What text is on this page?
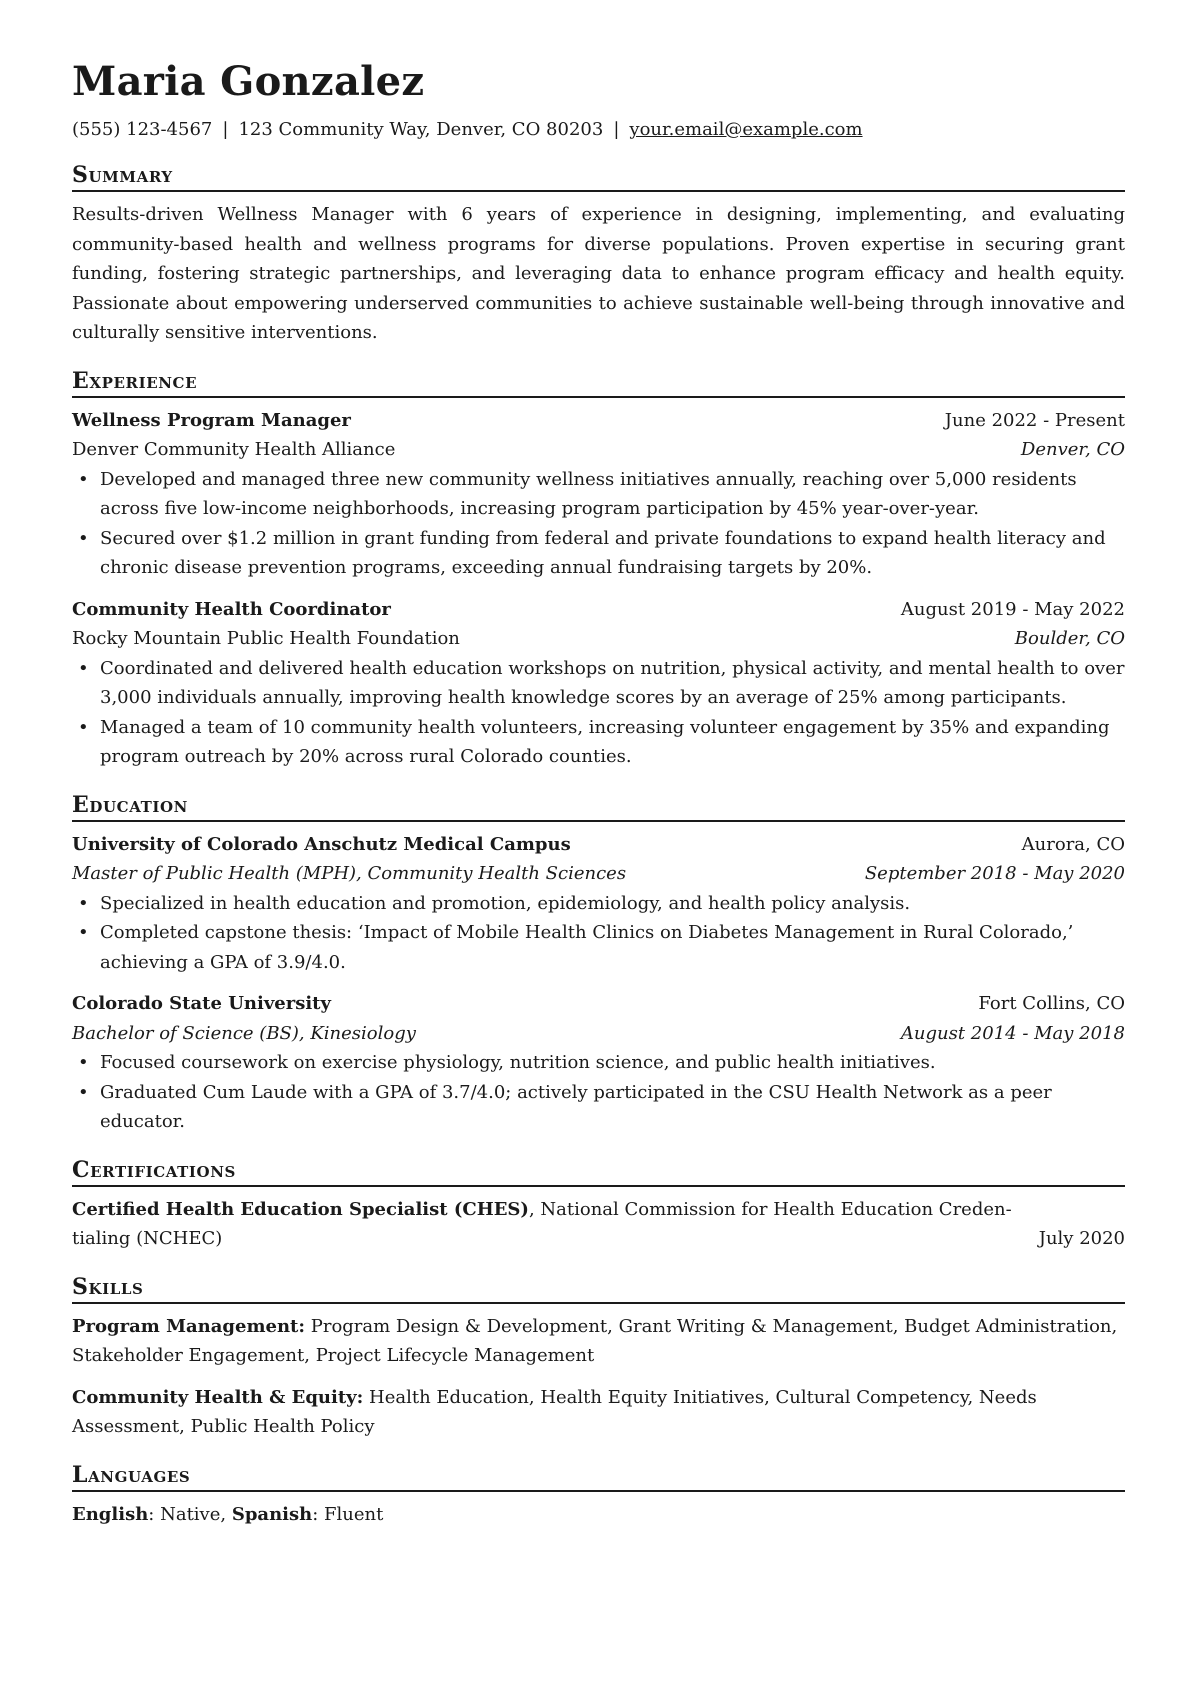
Maria Gonzalez
(555) 123-4567 | 123 Community Way, Denver, CO 80203 | your.email@example.com
Summary
Results-driven Wellness Manager with 6 years of experience in designing, implementing, and evaluating community-based health and wellness programs for diverse populations. Proven expertise in securing grant funding, fostering strategic partnerships, and leveraging data to enhance program efficacy and health equity. Passionate about empowering underserved communities to achieve sustainable well-being through innovative and culturally sensitive interventions.
Experience
Wellness Program Manager	June 2022 - Present
Denver Community Health Alliance	Denver, CO
• Developed and managed three new community wellness initiatives annually, reaching over 5,000 residents across five low-income neighborhoods, increasing program participation by 45% year-over-year.
• Secured over $1.2 million in grant funding from federal and private foundations to expand health literacy and chronic disease prevention programs, exceeding annual fundraising targets by 20%.
Community Health Coordinator	August 2019 - May 2022
Rocky Mountain Public Health Foundation	Boulder, CO
• Coordinated and delivered health education workshops on nutrition, physical activity, and mental health to over 3,000 individuals annually, improving health knowledge scores by an average of 25% among participants.
• Managed a team of 10 community health volunteers, increasing volunteer engagement by 35% and expanding program outreach by 20% across rural Colorado counties.
Education
University of Colorado Anschutz Medical Campus	Aurora, CO
Master of Public Health (MPH), Community Health Sciences	September 2018 - May 2020
• Specialized in health education and promotion, epidemiology, and health policy analysis.
• Completed capstone thesis: ‘Impact of Mobile Health Clinics on Diabetes Management in Rural Colorado,’ achieving a GPA of 3.9/4.0.
Colorado State University	Fort Collins, CO
Bachelor of Science (BS), Kinesiology	August 2014 - May 2018
• Focused coursework on exercise physiology, nutrition science, and public health initiatives.
• Graduated Cum Laude with a GPA of 3.7/4.0; actively participated in the CSU Health Network as a peer educator.
Certifications
Certified Health Education Specialist (CHES), National Commission for Health Education Creden-
tialing (NCHEC)	July 2020
Skills
Program Management: Program Design & Development, Grant Writing & Management, Budget Administration, Stakeholder Engagement, Project Lifecycle Management
Community Health & Equity: Health Education, Health Equity Initiatives, Cultural Competency, Needs Assessment, Public Health Policy
Languages
English: Native, Spanish: Fluent
